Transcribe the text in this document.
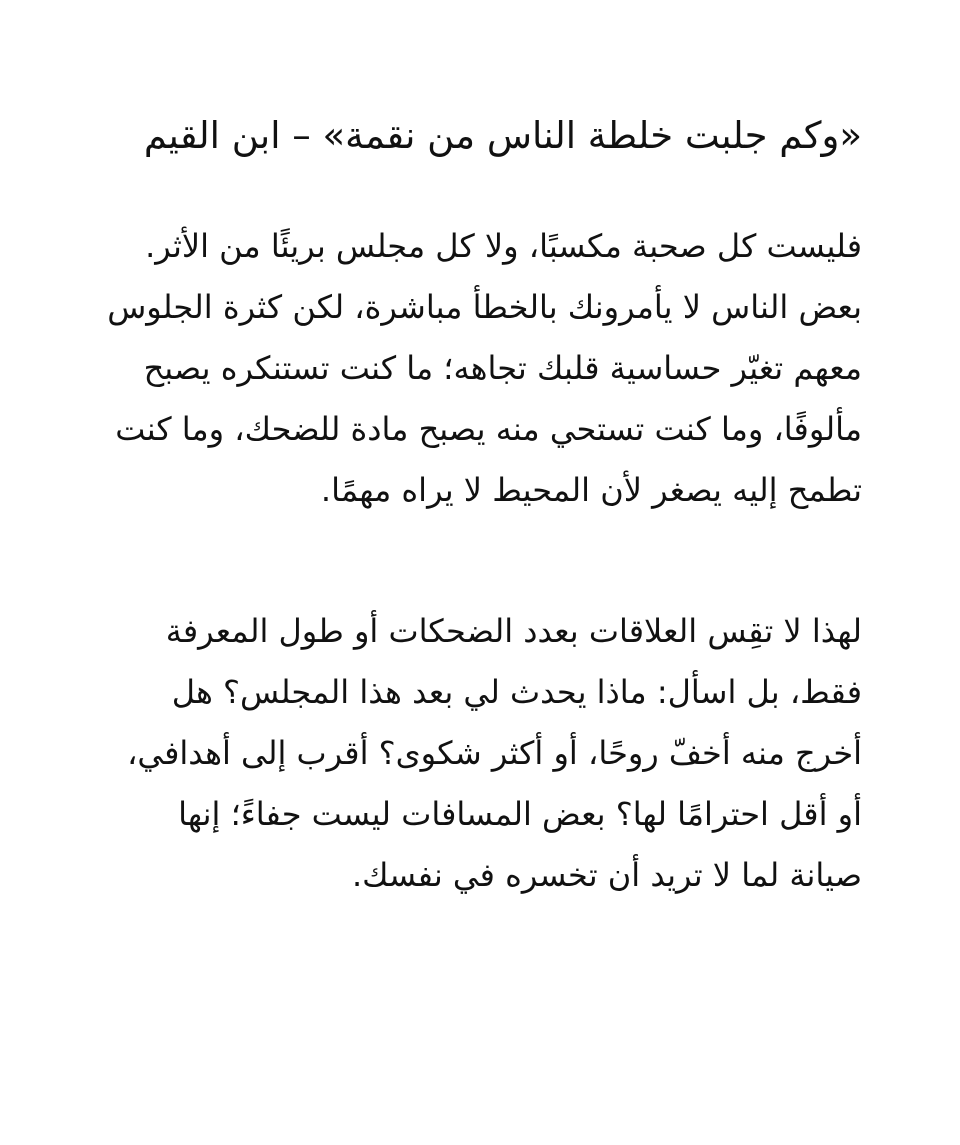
«وكم جلبت خلطة الناس من نقمة» – ابن القيم

فليست كل صحبة مكسبًا، ولا كل مجلس بريئًا من الأثر. بعض الناس لا يأمرونك بالخطأ مباشرة، لكن كثرة الجلوس معهم تغيّر حساسية قلبك تجاهه؛ ما كنت تستنكره يصبح مألوفًا، وما كنت تستحي منه يصبح مادة للضحك، وما كنت تطمح إليه يصغر لأن المحيط لا يراه مهمًا.

لهذا لا تقِس العلاقات بعدد الضحكات أو طول المعرفة فقط، بل اسأل: ماذا يحدث لي بعد هذا المجلس؟ هل أخرج منه أخفّ روحًا، أو أكثر شكوى؟ أقرب إلى أهدافي، أو أقل احترامًا لها؟ بعض المسافات ليست جفاءً؛ إنها صيانة لما لا تريد أن تخسره في نفسك.
